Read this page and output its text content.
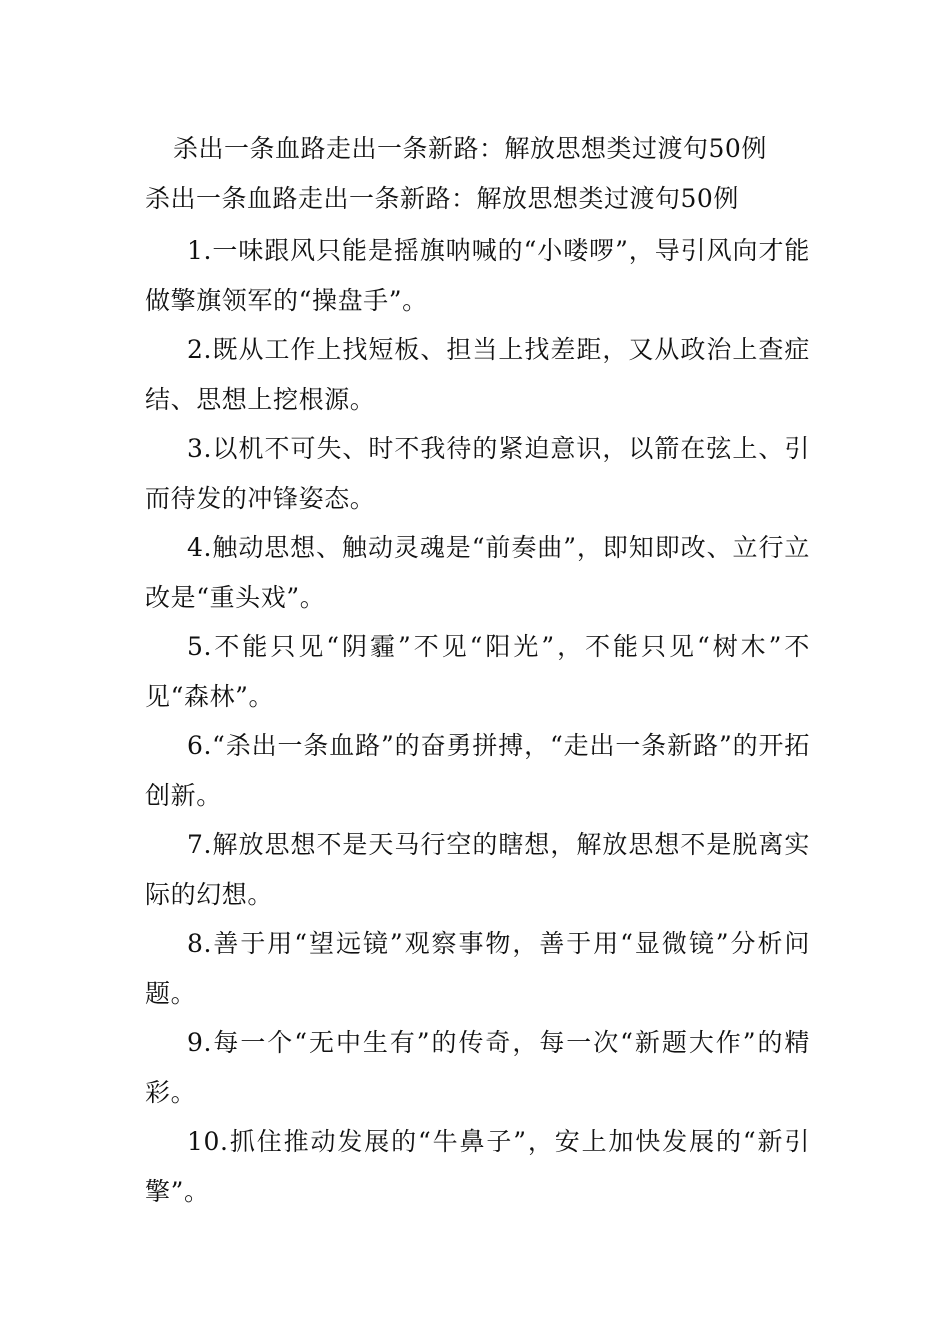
杀出一条血路走出一条新路：解放思想类过渡句50例
杀出一条血路走出一条新路：解放思想类过渡句50例
1.一味跟风只能是摇旗呐喊的“小喽啰”，导引风向才能做擎旗领军的“操盘手”。
2.既从工作上找短板、担当上找差距，又从政治上查症结、思想上挖根源。
3.以机不可失、时不我待的紧迫意识，以箭在弦上、引而待发的冲锋姿态。
4.触动思想、触动灵魂是“前奏曲”，即知即改、立行立改是“重头戏”。
5.不能只见“阴霾”不见“阳光”，不能只见“树木”不见“森林”。
6.“杀出一条血路”的奋勇拼搏，“走出一条新路”的开拓创新。
7.解放思想不是天马行空的瞎想，解放思想不是脱离实际的幻想。
8.善于用“望远镜”观察事物，善于用“显微镜”分析问题。
9.每一个“无中生有”的传奇，每一次“新题大作”的精彩。
10.抓住推动发展的“牛鼻子”，安上加快发展的“新引擎”。
